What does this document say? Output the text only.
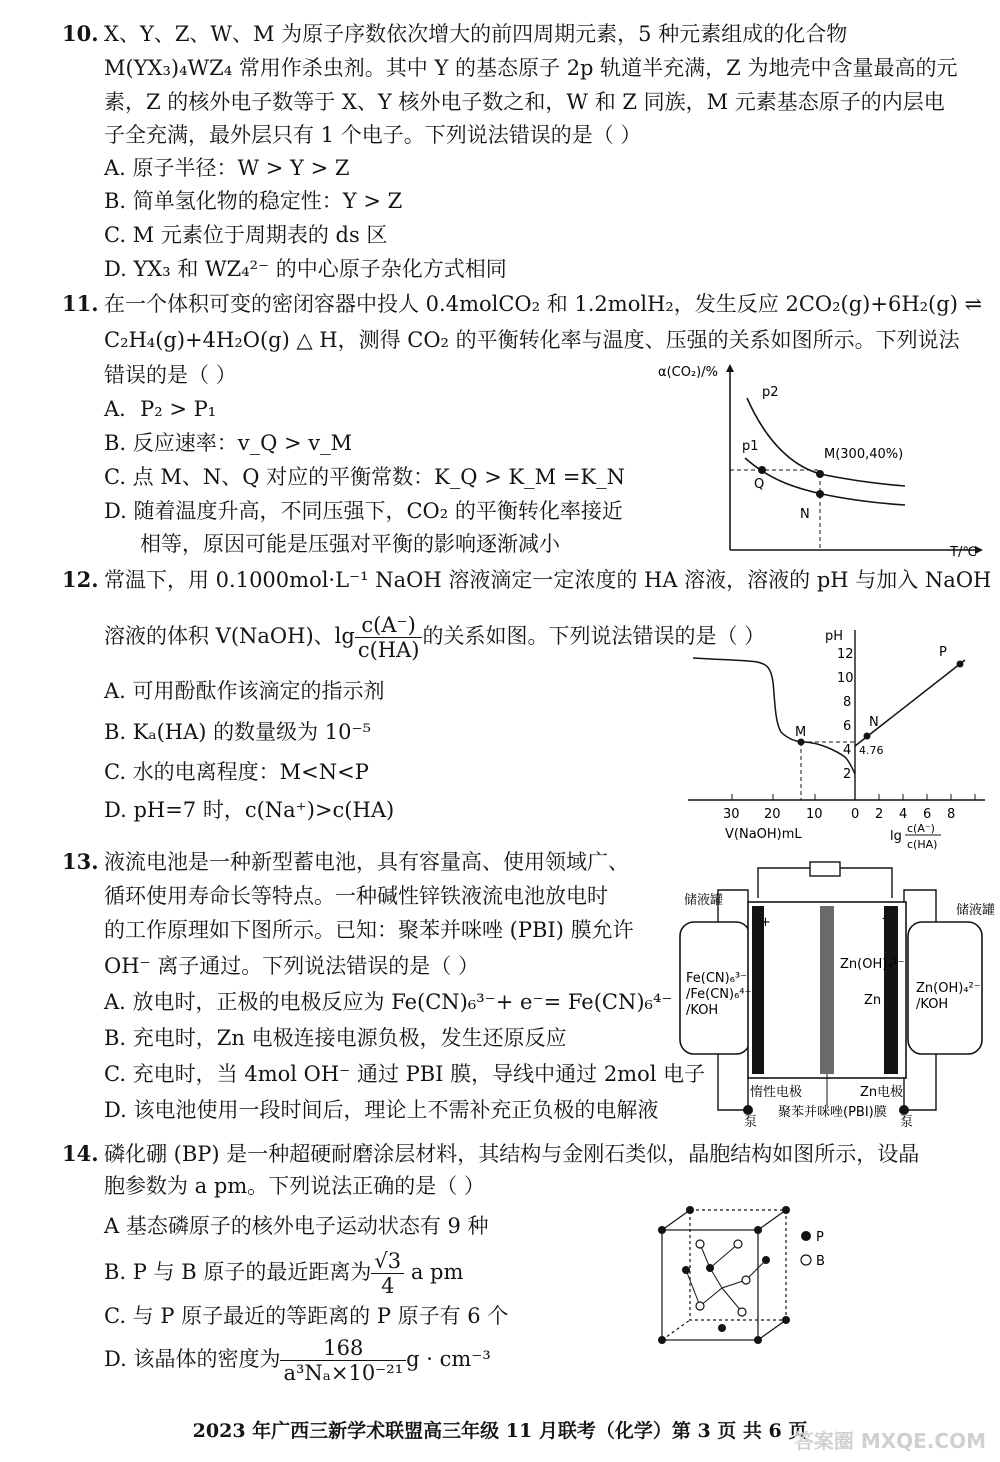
10. X、Y、Z、W、M 为原子序数依次增大的前四周期元素，5 种元素组成的化合物
M(YX₃)₄WZ₄ 常用作杀虫剂。其中 Y 的基态原子 2p 轨道半充满，Z 为地壳中含量最高的元
素，Z 的核外电子数等于 X、Y 核外电子数之和，W 和 Z 同族，M 元素基态原子的内层电
子全充满，最外层只有 1 个电子。下列说法错误的是（ ）
A. 原子半径：W > Y > Z
B. 简单氢化物的稳定性：Y > Z
C. M 元素位于周期表的 ds 区
D. YX₃ 和 WZ₄²⁻ 的中心原子杂化方式相同
11. 在一个体积可变的密闭容器中投人 0.4molCO₂ 和 1.2molH₂，发生反应 2CO₂(g)+6H₂(g) ⇌
C₂H₄(g)+4H₂O(g) △ H，测得 CO₂ 的平衡转化率与温度、压强的关系如图所示。下列说法
错误的是（ ）
A．P₂ > P₁
B. 反应速率：v_Q > v_M
C. 点 M、N、Q 对应的平衡常数：K_Q > K_M =K_N
D. 随着温度升高，不同压强下，CO₂ 的平衡转化率接近
相等，原因可能是压强对平衡的影响逐渐减小
α(CO₂)/%
T/℃
p2
p1
M(300,40%)
Q
N
12. 常温下，用 0.1000mol·L⁻¹ NaOH 溶液滴定一定浓度的 HA 溶液，溶液的 pH 与加入 NaOH
溶液的体积 V(NaOH)、$\lg \frac{c(A^-)}{c(HA)}$ 的关系如图。下列说法错误的是（ ）
A. 可用酚酞作该滴定的指示剂
B. Kₐ(HA) 的数量级为 10⁻⁵
C. 水的电离程度：M<N<P
D. pH=7 时，c(Na⁺)>c(HA)
pH
12
10
8
6
4
2
30 20 10 0 2 4 6 8
V(NaOH)mL	lg
c(A⁻)
c(HA)
M
N
P
4.76
13. 液流电池是一种新型蓄电池，具有容量高、使用领域广、
循环使用寿命长等特点。一种碱性锌铁液流电池放电时
的工作原理如下图所示。已知：聚苯并咪唑 (PBI) 膜允许
OH⁻ 离子通过。下列说法错误的是（ ）
A. 放电时，正极的电极反应为 Fe(CN)₆³⁻+ e⁻= Fe(CN)₆⁴⁻
B. 充电时，Zn 电极连接电源负极，发生还原反应
C. 充电时，当 4mol OH⁻ 通过 PBI 膜，导线中通过 2mol 电子
D. 该电池使用一段时间后，理论上不需补充正负极的电解液
储液罐
储液罐
Fe(CN)₆³⁻
/Fe(CN)₆⁴⁻
/KOH
Zn(OH)₄²⁻
/KOH
Zn(OH)₄²⁻
Zn
+	-
惰性电极	Zn电极
泵	泵
聚苯并咪唑(PBI)膜
14. 磷化硼 (BP) 是一种超硬耐磨涂层材料，其结构与金刚石类似，晶胞结构如图所示，设晶
胞参数为 a pm。下列说法正确的是（ ）
A 基态磷原子的核外电子运动状态有 9 种
B. P 与 B 原子的最近距离为 $\frac{√3}{4}$ a pm
C. 与 P 原子最近的等距离的 P 原子有 6 个
D. 该晶体的密度为 $\frac{168}{\text{a³Nₐ×10⁻²¹}}$ g · cm⁻³
P
B
2023 年广西三新学术联盟高三年级 11 月联考（化学）第 3 页 共 6 页
答案圈 MXQE.COM
